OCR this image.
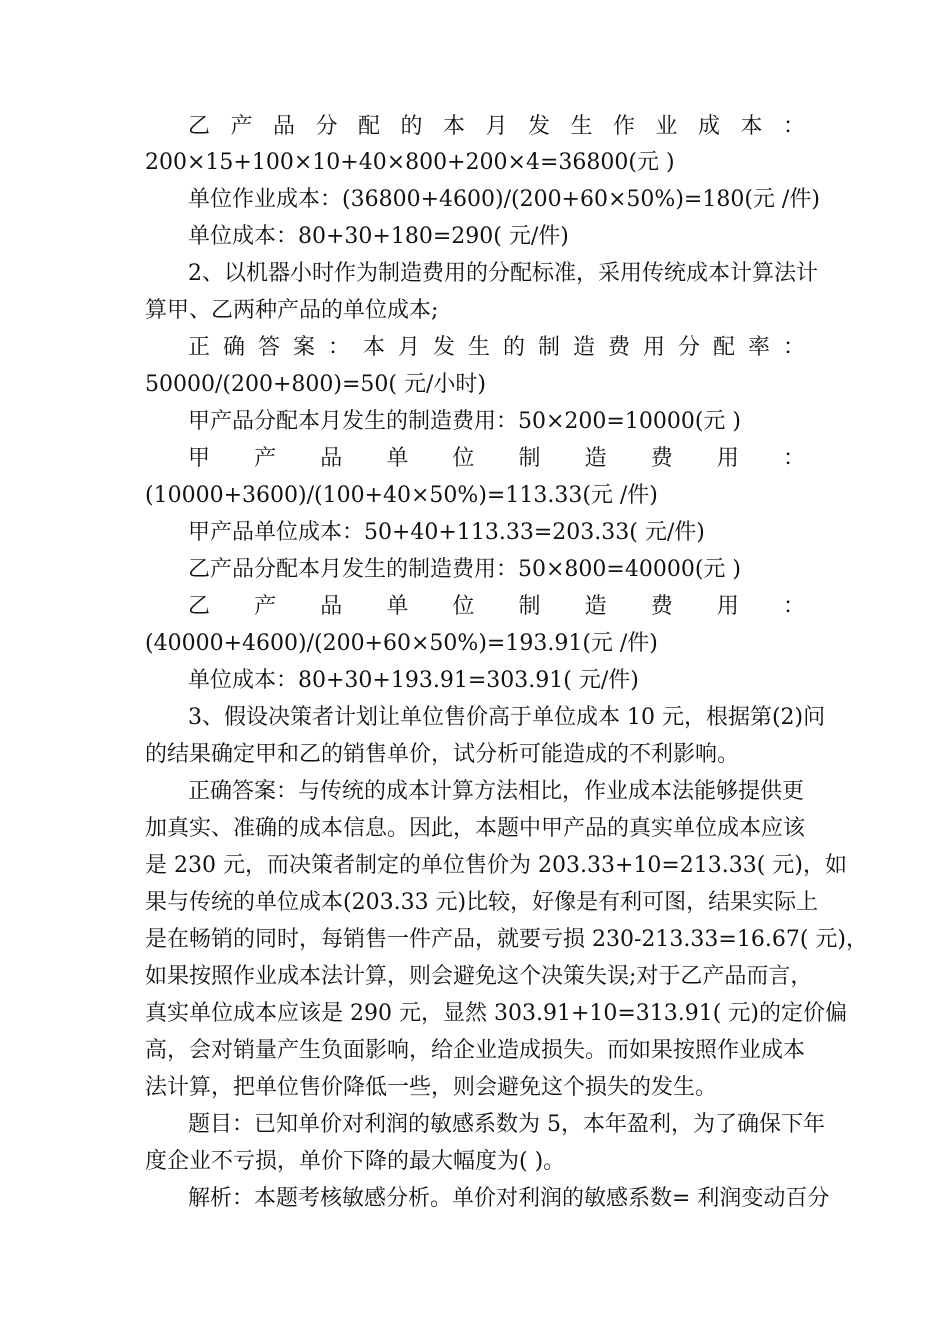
乙产品分配的本月发生作业成本：

200×15+100×10+40×800+200×4=36800(元 )

单位作业成本：(36800+4600)/(200+60×50%)=180(元 /件)

单位成本：80+30+180=290( 元/件)

2、以机器小时作为制造费用的分配标准，采用传统成本计算法计

算甲、乙两种产品的单位成本;

正确答案：本月发生的制造费用分配率：

50000/(200+800)=50( 元/小时)

甲产品分配本月发生的制造费用：50×200=10000(元 )

甲产品单位制造费用：

(10000+3600)/(100+40×50%)=113.33(元 /件)

甲产品单位成本：50+40+113.33=203.33( 元/件)

乙产品分配本月发生的制造费用：50×800=40000(元 )

乙产品单位制造费用：

(40000+4600)/(200+60×50%)=193.91(元 /件)

单位成本：80+30+193.91=303.91( 元/件)

3、假设决策者计划让单位售价高于单位成本 10 元，根据第(2)问

的结果确定甲和乙的销售单价，试分析可能造成的不利影响。

正确答案：与传统的成本计算方法相比，作业成本法能够提供更

加真实、准确的成本信息。因此，本题中甲产品的真实单位成本应该

是 230 元，而决策者制定的单位售价为 203.33+10=213.33( 元)，如

果与传统的单位成本(203.33 元)比较，好像是有利可图，结果实际上

是在畅销的同时，每销售一件产品，就要亏损 230-213.33=16.67( 元)，

如果按照作业成本法计算，则会避免这个决策失误;对于乙产品而言，

真实单位成本应该是 290 元，显然 303.91+10=313.91( 元)的定价偏

高，会对销量产生负面影响，给企业造成损失。而如果按照作业成本

法计算，把单位售价降低一些，则会避免这个损失的发生。

题目：已知单价对利润的敏感系数为 5，本年盈利，为了确保下年

度企业不亏损，单价下降的最大幅度为( )。

解析：本题考核敏感分析。单价对利润的敏感系数= 利润变动百分
